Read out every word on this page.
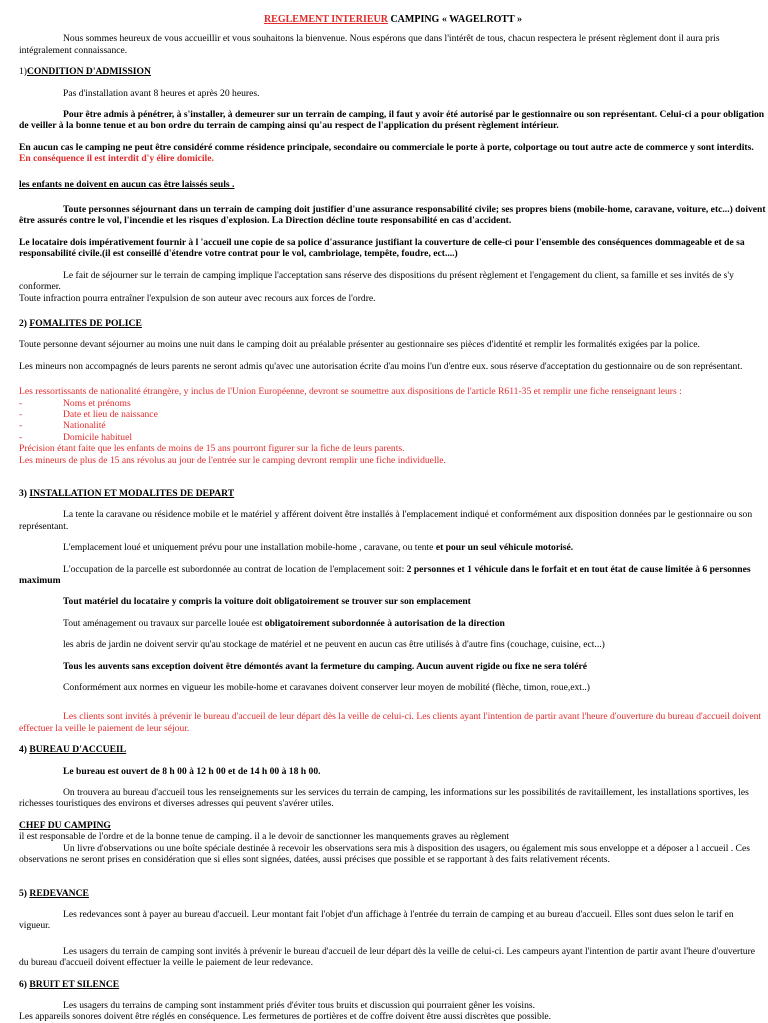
REGLEMENT INTERIEUR CAMPING « WAGELROTT »

Nous sommes heureux de vous accueillir et vous souhaitons la bienvenue. Nous espérons que dans l'intérêt de tous, chacun respectera le présent règlement dont il aura pris intégralement connaissance.

1)CONDITION D'ADMISSION

Pas d'installation avant 8 heures et après 20 heures.

Pour être admis à pénétrer, à s'installer, à demeurer sur un terrain de camping, il faut y avoir été autorisé par le gestionnaire ou son représentant. Celui-ci a pour obligation de veiller à la bonne tenue et au bon ordre du terrain de camping ainsi qu'au respect de l'application du présent règlement intérieur.

En aucun cas le camping ne peut être considéré comme résidence principale, secondaire ou commerciale le porte à porte, colportage ou tout autre acte de commerce y sont interdits.

En conséquence il est interdit d'y élire domicile.

les enfants ne doivent en aucun cas être laissés seuls .

Toute personnes séjournant dans un terrain de camping doit justifier d'une assurance responsabilité civile; ses propres biens (mobile-home, caravane, voiture, etc...) doivent être assurés contre le vol, l'incendie et les risques d'explosion. La Direction décline toute responsabilité en cas d'accident.

Le locataire dois impérativement fournir à l 'accueil une copie de sa police d'assurance justifiant la couverture de celle-ci pour l'ensemble des conséquences dommageable et de sa responsabilité civile.(il est conseillé d'étendre votre contrat pour le vol, cambriolage, tempête, foudre, ect....)

Le fait de séjourner sur le terrain de camping implique l'acceptation sans réserve des dispositions du présent règlement et l'engagement du client, sa famille et ses invités de s'y conformer.

Toute infraction pourra entraîner l'expulsion de son auteur avec recours aux forces de l'ordre.

2) FOMALITES DE POLICE

Toute personne devant séjourner au moins une nuit dans le camping doit au préalable présenter au gestionnaire ses pièces d'identité et remplir les formalités exigées par la police.

Les mineurs non accompagnés de leurs parents ne seront admis qu'avec une autorisation écrite d'au moins l'un d'entre eux. sous réserve d'acceptation du gestionnaire ou de son représentant.

Les ressortissants de nationalité étrangère, y inclus de l'Union Européenne, devront se soumettre aux dispositions de l'article R611-35 et remplir une fiche renseignant leurs :

-	Noms et prénoms
-	Date et lieu de naissance
-	Nationalité
-	Domicile habituel

Précision étant faite que les enfants de moins de 15 ans pourront figurer sur la fiche de leurs parents.

Les mineurs de plus de 15 ans révolus au jour de l'entrée sur le camping devront remplir une fiche individuelle.

3) INSTALLATION ET MODALITES DE DEPART

La tente la caravane ou résidence mobile et le matériel y afférent doivent être installés à l'emplacement indiqué et conformément aux disposition données par le gestionnaire ou son représentant.

L'emplacement loué et uniquement prévu pour une installation mobile-home , caravane, ou tente et pour un seul véhicule motorisé.

L'occupation de la parcelle est subordonnée au contrat de location de l'emplacement soit: 2 personnes et 1 véhicule dans le forfait et en tout état de cause limitée à 6 personnes maximum

Tout matériel du locataire y compris la voiture doit obligatoirement se trouver sur son emplacement

Tout aménagement ou travaux sur parcelle louée est obligatoirement subordonnée à autorisation de la direction

les abris de jardin ne doivent servir qu'au stockage de matériel et ne peuvent en aucun cas être utilisés à d'autre fins (couchage, cuisine, ect...)

Tous les auvents sans exception doivent être démontés avant la fermeture du camping. Aucun auvent rigide ou fixe ne sera toléré

Conformément aux normes en vigueur les mobile-home et caravanes doivent conserver leur moyen de mobilité (flèche, timon, roue,ext..)

Les clients sont invités à prévenir le bureau d'accueil de leur départ dès la veille de celui-ci. Les clients ayant l'intention de partir avant l'heure d'ouverture du bureau d'accueil doivent effectuer la veille le paiement de leur séjour.

4) BUREAU D'ACCUEIL

Le bureau est ouvert de 8 h 00 à 12 h 00 et de 14 h 00 à 18 h 00.

On trouvera au bureau d'accueil tous les renseignements sur les services du terrain de camping, les informations sur les possibilités de ravitaillement, les installations sportives, les richesses touristiques des environs et diverses adresses qui peuvent s'avérer utiles.

CHEF DU CAMPING

il est responsable de l'ordre et de la bonne tenue de camping. il a le devoir de sanctionner les manquements graves au règlement

Un livre d'observations ou une boîte spéciale destinée à recevoir les observations sera mis à disposition des usagers, ou également mis sous enveloppe et a déposer a l accueil . Ces observations ne seront prises en considération que si elles sont signées, datées, aussi précises que possible et se rapportant à des faits relativement récents.

5) REDEVANCE

Les redevances sont à payer au bureau d'accueil. Leur montant fait l'objet d'un affichage à l'entrée du terrain de camping et au bureau d'accueil. Elles sont dues selon le tarif en vigueur.

Les usagers du terrain de camping sont invités à prévenir le bureau d'accueil de leur départ dès la veille de celui-ci. Les campeurs ayant l'intention de partir avant l'heure d'ouverture du bureau d'accueil doivent effectuer la veille le paiement de leur redevance.

6) BRUIT ET SILENCE

Les usagers du terrains de camping sont instamment priés d'éviter tous bruits et discussion qui pourraient gêner les voisins.

Les appareils sonores doivent être réglés en conséquence. Les fermetures de portières et de coffre doivent être aussi discrètes que possible.
